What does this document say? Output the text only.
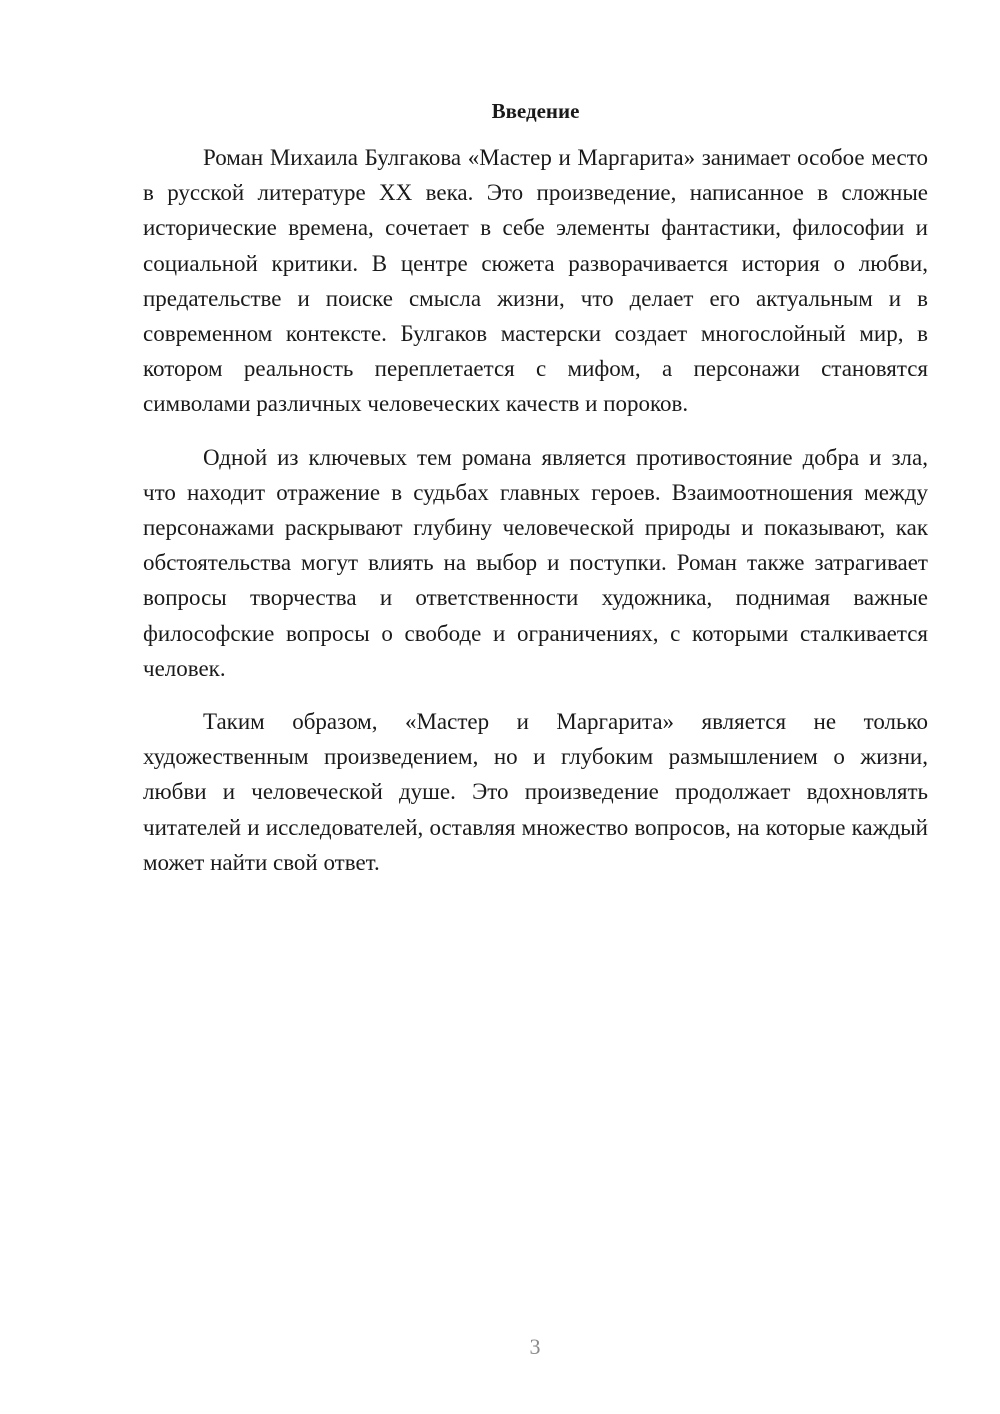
Введение

Роман Михаила Булгакова «Мастер и Маргарита» занимает особое место в русской литературе XX века. Это произведение, написанное в сложные исторические времена, сочетает в себе элементы фантастики, философии и социальной критики. В центре сюжета разворачивается история о любви, предательстве и поиске смысла жизни, что делает его актуальным и в современном контексте. Булгаков мастерски создает многослойный мир, в котором реальность переплетается с мифом, а персонажи становятся символами различных человеческих качеств и пороков.

Одной из ключевых тем романа является противостояние добра и зла, что находит отражение в судьбах главных героев. Взаимоотношения между персонажами раскрывают глубину человеческой природы и показывают, как обстоятельства могут влиять на выбор и поступки. Роман также затрагивает вопросы творчества и ответственности художника, поднимая важные философские вопросы о свободе и ограничениях, с которыми сталкивается человек.

Таким образом, «Мастер и Маргарита» является не только художественным произведением, но и глубоким размышлением о жизни, любви и человеческой душе. Это произведение продолжает вдохновлять читателей и исследователей, оставляя множество вопросов, на которые каждый может найти свой ответ.

3
